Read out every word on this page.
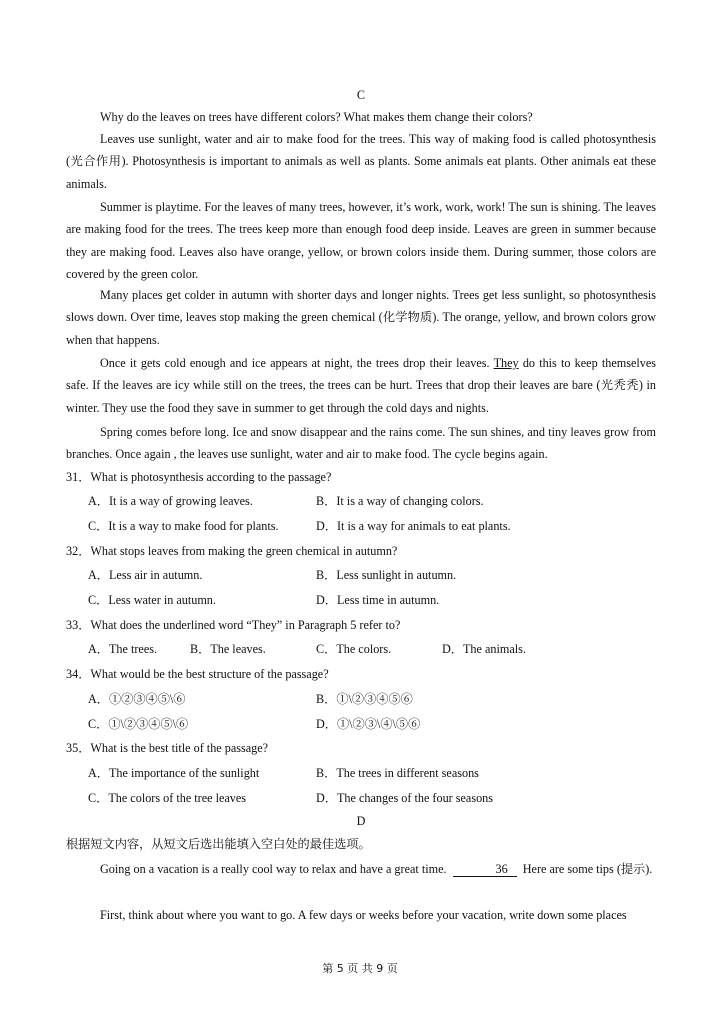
C
Why do the leaves on trees have different colors? What makes them change their colors?
Leaves use sunlight, water and air to make food for the trees. This way of making food is called photosynthesis (光合作用). Photosynthesis is important to animals as well as plants. Some animals eat plants. Other animals eat these animals.
Summer is playtime. For the leaves of many trees, however, it’s work, work, work! The sun is shining. The leaves are making food for the trees. The trees keep more than enough food deep inside. Leaves are green in summer because they are making food. Leaves also have orange, yellow, or brown colors inside them. During summer, those colors are covered by the green color.
Many places get colder in autumn with shorter days and longer nights. Trees get less sunlight, so photosynthesis slows down. Over time, leaves stop making the green chemical (化学物质). The orange, yellow, and brown colors grow when that happens.
Once it gets cold enough and ice appears at night, the trees drop their leaves. They do this to keep themselves safe. If the leaves are icy while still on the trees, the trees can be hurt. Trees that drop their leaves are bare (光秃秃) in winter. They use the food they save in summer to get through the cold days and nights.
Spring comes before long. Ice and snow disappear and the rains come. The sun shines, and tiny leaves grow from branches. Once again , the leaves use sunlight, water and air to make food. The cycle begins again.
31．What is photosynthesis according to the passage?
A．It is a way of growing leaves.	B．It is a way of changing colors.
C．It is a way to make food for plants.	D．It is a way for animals to eat plants.
32．What stops leaves from making the green chemical in autumn?
A．Less air in autumn.	B．Less sunlight in autumn.
C．Less water in autumn.	D．Less time in autumn.
33．What does the underlined word “They” in Paragraph 5 refer to?
A．The trees.	B．The leaves.	C．The colors.	D．The animals.
34．What would be the best structure of the passage?
A．①②③④⑤\⑥	B．①\②③④⑤⑥
C．①\②③④⑤\⑥	D．①\②③\④\⑤⑥
35．What is the best title of the passage?
A．The importance of the sunlight	B．The trees in different seasons
C．The colors of the tree leaves	D．The changes of the four seasons
D
根据短文内容，从短文后选出能填入空白处的最佳选项。
Going on a vacation is a really cool way to relax and have a great time.	36 Here are some tips (提示).
First, think about where you want to go. A few days or weeks before your vacation, write down some places
第 5 页 共 9 页
